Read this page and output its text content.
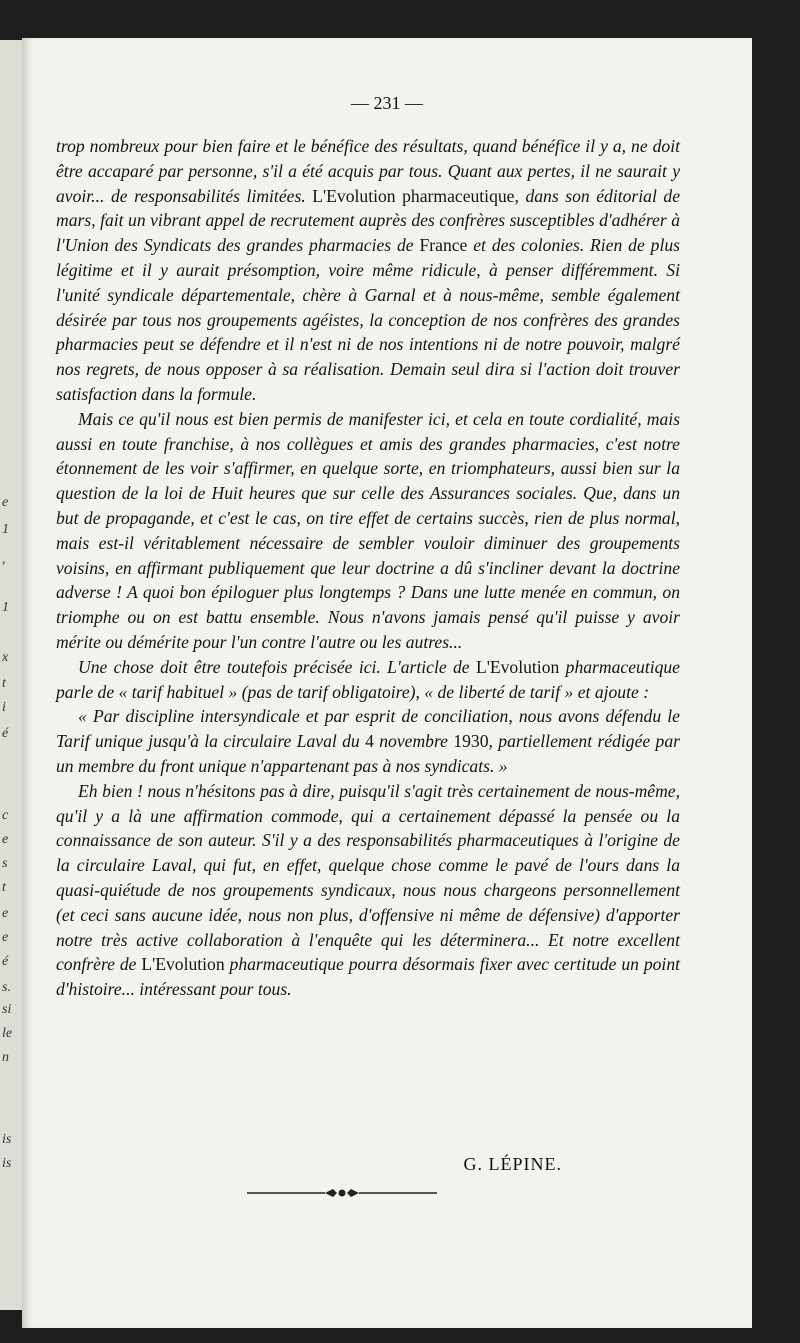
e
1
,
1
x
t
i
é
c
e
s
t
e
e
é
s.
si
le
n
is
is
— 231 —

trop nombreux pour bien faire et le bénéfice des résultats, quand bénéfice il y a, ne doit être accaparé par personne, s'il a été acquis par tous. Quant aux pertes, il ne saurait y avoir... de responsabilités limitées. L'Evolution pharmaceutique, dans son éditorial de mars, fait un vibrant appel de recrutement auprès des confrères susceptibles d'adhérer à l'Union des Syndicats des grandes pharmacies de France et des colonies. Rien de plus légitime et il y aurait présomption, voire même ridicule, à penser différemment. Si l'unité syndicale départementale, chère à Garnal et à nous-même, semble également désirée par tous nos groupements agéistes, la conception de nos confrères des grandes pharmacies peut se défendre et il n'est ni de nos intentions ni de notre pouvoir, malgré nos regrets, de nous opposer à sa réalisation. Demain seul dira si l'action doit trouver satisfaction dans la formule.

Mais ce qu'il nous est bien permis de manifester ici, et cela en toute cordialité, mais aussi en toute franchise, à nos collègues et amis des grandes pharmacies, c'est notre étonnement de les voir s'affirmer, en quelque sorte, en triomphateurs, aussi bien sur la question de la loi de Huit heures que sur celle des Assurances sociales. Que, dans un but de propagande, et c'est le cas, on tire effet de certains succès, rien de plus normal, mais est-il véritablement nécessaire de sembler vouloir diminuer des groupements voisins, en affirmant publiquement que leur doctrine a dû s'incliner devant la doctrine adverse ! A quoi bon épiloguer plus longtemps ? Dans une lutte menée en commun, on triomphe ou on est battu ensemble. Nous n'avons jamais pensé qu'il puisse y avoir mérite ou démérite pour l'un contre l'autre ou les autres...

Une chose doit être toutefois précisée ici. L'article de L'Evolution pharmaceutique parle de « tarif habituel » (pas de tarif obligatoire), « de liberté de tarif » et ajoute :

« Par discipline intersyndicale et par esprit de conciliation, nous avons défendu le Tarif unique jusqu'à la circulaire Laval du 4 novembre 1930, partiellement rédigée par un membre du front unique n'appartenant pas à nos syndicats. »

Eh bien ! nous n'hésitons pas à dire, puisqu'il s'agit très certainement de nous-même, qu'il y a là une affirmation commode, qui a certainement dépassé la pensée ou la connaissance de son auteur. S'il y a des responsabilités pharmaceutiques à l'origine de la circulaire Laval, qui fut, en effet, quelque chose comme le pavé de l'ours dans la quasi-quiétude de nos groupements syndicaux, nous nous chargeons personnellement (et ceci sans aucune idée, nous non plus, d'offensive ni même de défensive) d'apporter notre très active collaboration à l'enquête qui les déterminera... Et notre excellent confrère de L'Evolution pharmaceutique pourra désormais fixer avec certitude un point d'histoire... intéressant pour tous.

G. LÉPINE.
